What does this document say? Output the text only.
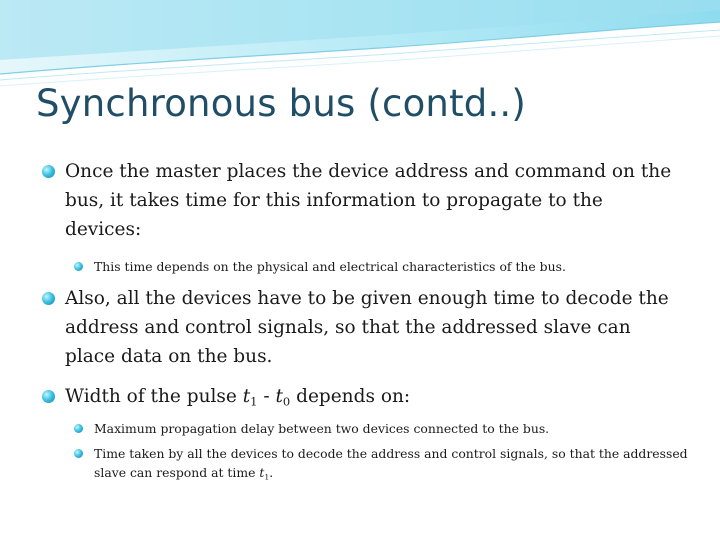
Synchronous bus (contd..)
Once the master places the device address and command on the bus, it takes time for this information to propagate to the devices:
This time depends on the physical and electrical characteristics of the bus.
Also, all the devices have to be given enough time to decode the address and control signals, so that the addressed slave can place data on the bus.
Width of the pulse $t_1 - t_0$ depends on:
Maximum propagation delay between two devices connected to the bus.
Time taken by all the devices to decode the address and control signals, so that the addressed slave can respond at time $t_1$.
